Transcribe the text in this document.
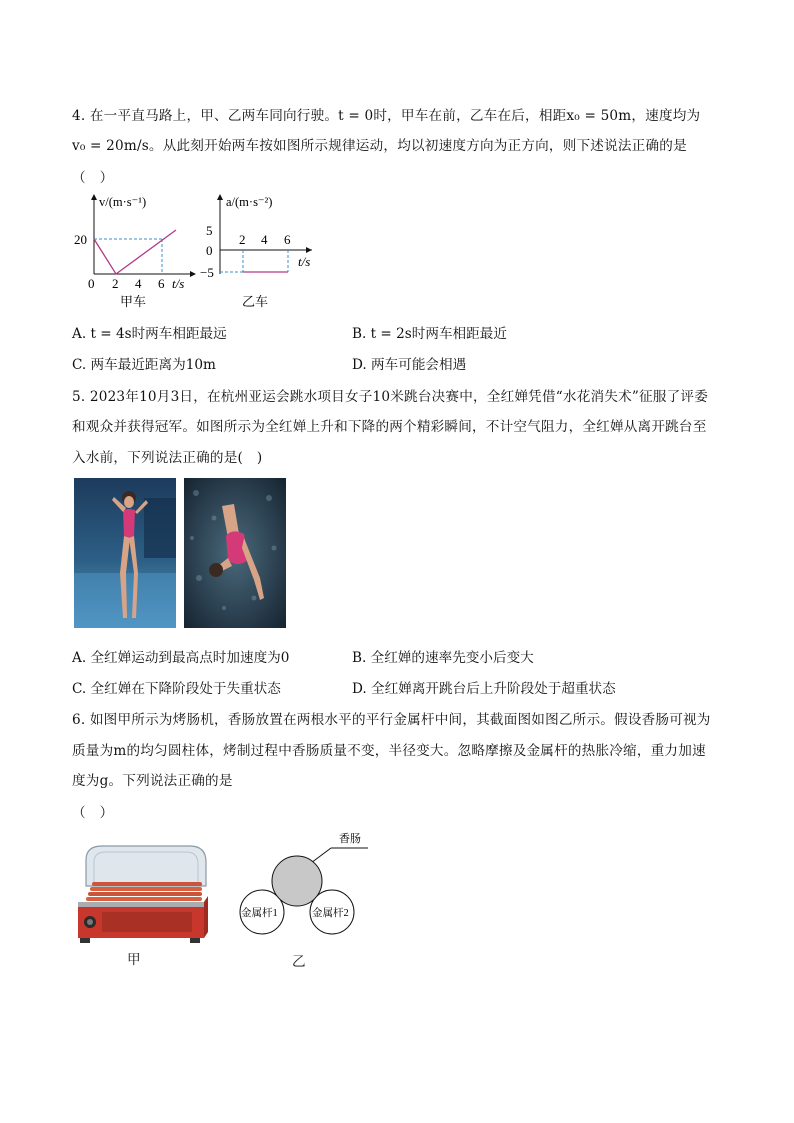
4. 在一平直马路上，甲、乙两车同向行驶。t = 0时，甲车在前，乙车在后，相距x₀ = 50m，速度均为
v₀ = 20m/s。从此刻开始两车按如图所示规律运动，均以初速度方向为正方向，则下述说法正确的是
（　）
v/(m·s⁻¹)
20
0 2 4 6 t/s
甲车
a/(m·s⁻²)
5
0
−5
2 4 6
t/s
乙车
A. t = 4s时两车相距最远	B. t = 2s时两车相距最近
C. 两车最近距离为10m	D. 两车可能会相遇
5. 2023年10月3日，在杭州亚运会跳水项目女子10米跳台决赛中，全红婵凭借“水花消失术”征服了评委
和观众并获得冠军。如图所示为全红婵上升和下降的两个精彩瞬间，不计空气阻力，全红婵从离开跳台至
入水前，下列说法正确的是(　)
A. 全红婵运动到最高点时加速度为0	B. 全红婵的速率先变小后变大
C. 全红婵在下降阶段处于失重状态	D. 全红婵离开跳台后上升阶段处于超重状态
6. 如图甲所示为烤肠机，香肠放置在两根水平的平行金属杆中间，其截面图如图乙所示。假设香肠可视为
质量为m的均匀圆柱体，烤制过程中香肠质量不变，半径变大。忽略摩擦及金属杆的热胀冷缩，重力加速
度为g。下列说法正确的是
（　）
甲
香肠
金属杆1	金属杆2
乙
